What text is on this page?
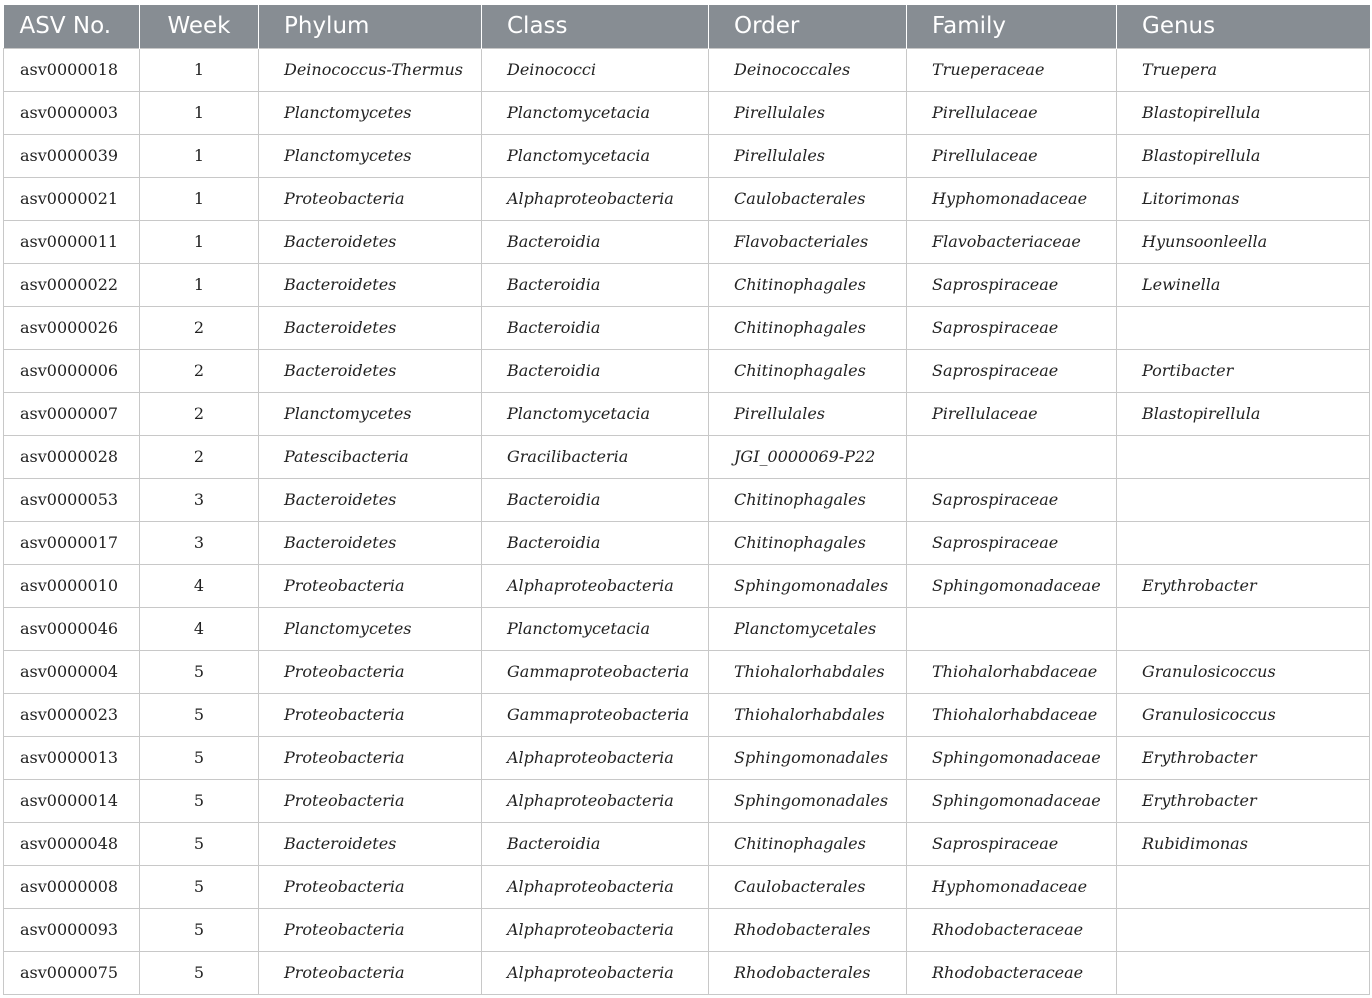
ASV No.	Week	Phylum	Class	Order	Family	Genus
asv0000018	1	Deinococcus-Thermus	Deinococci	Deinococcales	Trueperaceae	Truepera
asv0000003	1	Planctomycetes	Planctomycetacia	Pirellulales	Pirellulaceae	Blastopirellula
asv0000039	1	Planctomycetes	Planctomycetacia	Pirellulales	Pirellulaceae	Blastopirellula
asv0000021	1	Proteobacteria	Alphaproteobacteria	Caulobacterales	Hyphomonadaceae	Litorimonas
asv0000011	1	Bacteroidetes	Bacteroidia	Flavobacteriales	Flavobacteriaceae	Hyunsoonleella
asv0000022	1	Bacteroidetes	Bacteroidia	Chitinophagales	Saprospiraceae	Lewinella
asv0000026	2	Bacteroidetes	Bacteroidia	Chitinophagales	Saprospiraceae	
asv0000006	2	Bacteroidetes	Bacteroidia	Chitinophagales	Saprospiraceae	Portibacter
asv0000007	2	Planctomycetes	Planctomycetacia	Pirellulales	Pirellulaceae	Blastopirellula
asv0000028	2	Patescibacteria	Gracilibacteria	JGI_0000069-P22		
asv0000053	3	Bacteroidetes	Bacteroidia	Chitinophagales	Saprospiraceae	
asv0000017	3	Bacteroidetes	Bacteroidia	Chitinophagales	Saprospiraceae	
asv0000010	4	Proteobacteria	Alphaproteobacteria	Sphingomonadales	Sphingomonadaceae	Erythrobacter
asv0000046	4	Planctomycetes	Planctomycetacia	Planctomycetales		
asv0000004	5	Proteobacteria	Gammaproteobacteria	Thiohalorhabdales	Thiohalorhabdaceae	Granulosicoccus
asv0000023	5	Proteobacteria	Gammaproteobacteria	Thiohalorhabdales	Thiohalorhabdaceae	Granulosicoccus
asv0000013	5	Proteobacteria	Alphaproteobacteria	Sphingomonadales	Sphingomonadaceae	Erythrobacter
asv0000014	5	Proteobacteria	Alphaproteobacteria	Sphingomonadales	Sphingomonadaceae	Erythrobacter
asv0000048	5	Bacteroidetes	Bacteroidia	Chitinophagales	Saprospiraceae	Rubidimonas
asv0000008	5	Proteobacteria	Alphaproteobacteria	Caulobacterales	Hyphomonadaceae	
asv0000093	5	Proteobacteria	Alphaproteobacteria	Rhodobacterales	Rhodobacteraceae	
asv0000075	5	Proteobacteria	Alphaproteobacteria	Rhodobacterales	Rhodobacteraceae	
